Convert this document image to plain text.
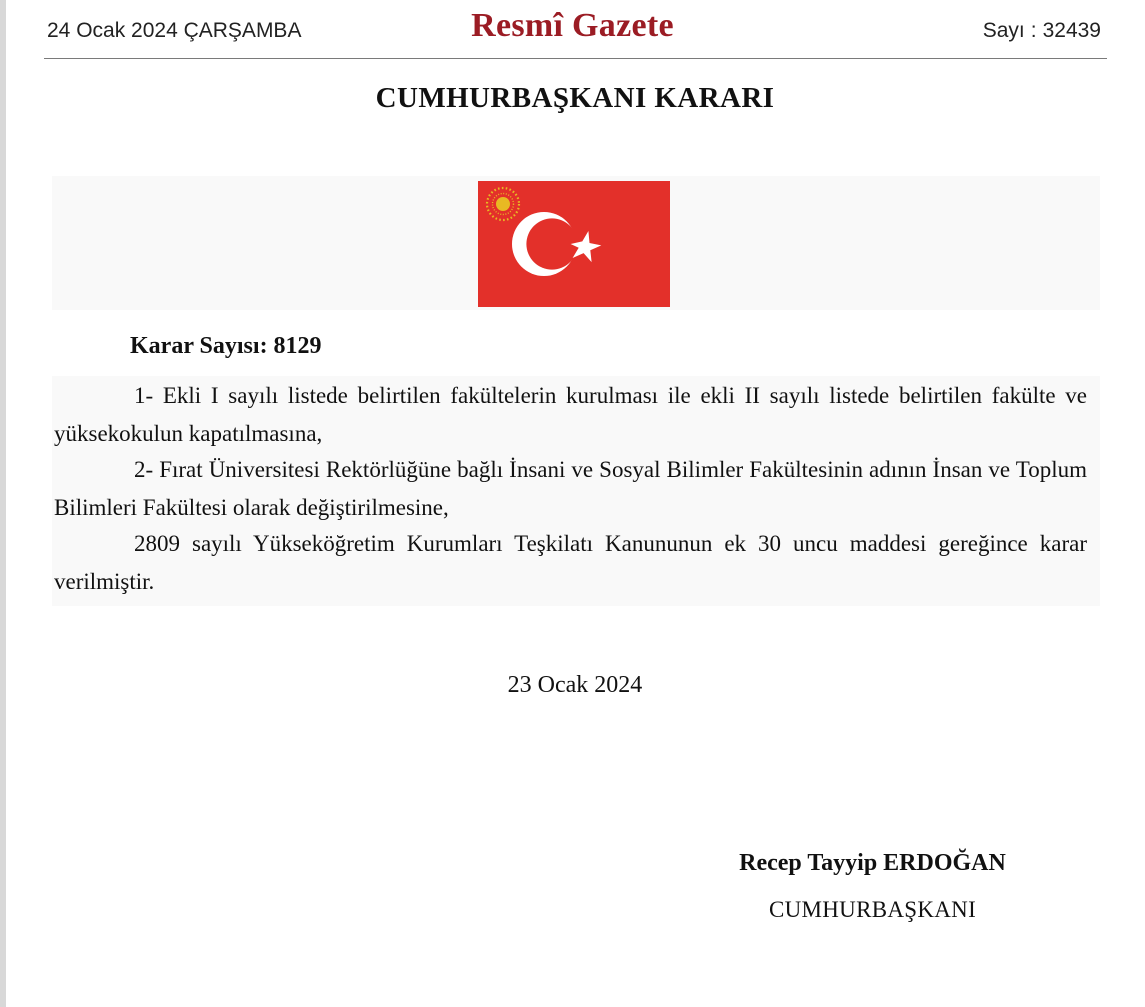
24 Ocak 2024 ÇARŞAMBA	Resmî Gazete	Sayı : 32439
CUMHURBAŞKANI KARARI
Karar Sayısı: 8129
1- Ekli I sayılı listede belirtilen fakültelerin kurulması ile ekli II sayılı listede belirtilen fakülte ve yüksekokulun kapatılmasına,
2- Fırat Üniversitesi Rektörlüğüne bağlı İnsani ve Sosyal Bilimler Fakültesinin adının İnsan ve Toplum Bilimleri Fakültesi olarak değiştirilmesine,
2809 sayılı Yükseköğretim Kurumları Teşkilatı Kanununun ek 30 uncu maddesi gereğince karar verilmiştir.
23 Ocak 2024
Recep Tayyip ERDOĞAN
CUMHURBAŞKANI
